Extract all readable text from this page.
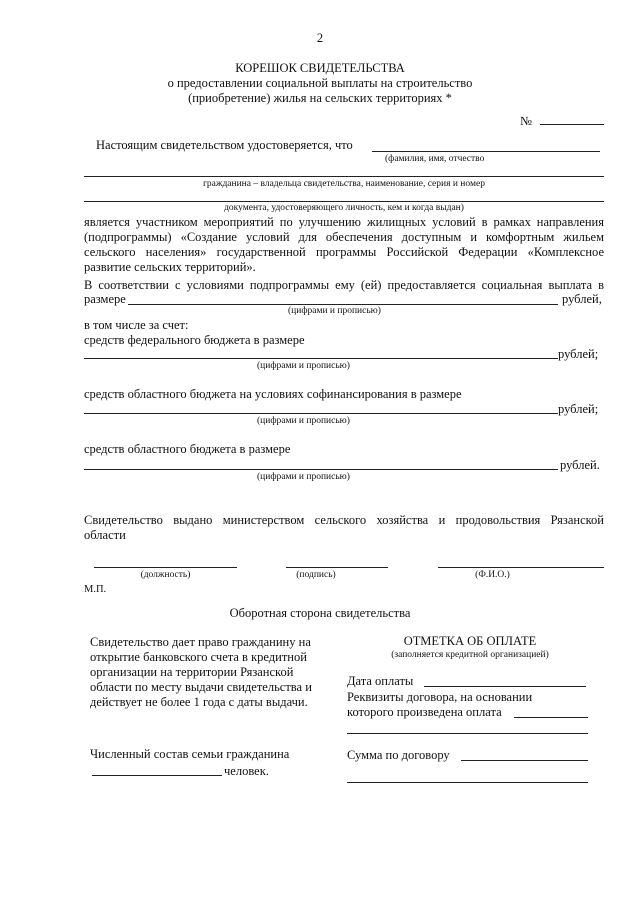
2
КОРЕШОК СВИДЕТЕЛЬСТВА
о предоставлении социальной выплаты на строительство
(приобретение) жилья на сельских территориях *
№
Настоящим свидетельством удостоверяется, что
(фамилия, имя, отчество
гражданина – владельца свидетельства, наименование, серия и номер
документа, удостоверяющего личность, кем и когда выдан)
является участником мероприятий по улучшению жилищных условий в рамках направления
(подпрограммы) «Создание условий для обеспечения доступным и комфортным жильем
сельского населения» государственной программы Российской Федерации «Комплексное
развитие сельских территорий».
В соответствии с условиями подпрограммы ему (ей) предоставляется социальная выплата в
размере	рублей,
(цифрами и прописью)
в том числе за счет:
средств федерального бюджета в размере
рублей;
(цифрами и прописью)
средств областного бюджета на условиях софинансирования в размере
рублей;
(цифрами и прописью)
средств областного бюджета в размере
рублей.
(цифрами и прописью)
Свидетельство выдано министерством сельского хозяйства и продовольствия Рязанской
области
(должность)	(подпись)	(Ф.И.О.)
М.П.
Оборотная сторона свидетельства
Свидетельство дает право гражданину на
открытие банковского счета в кредитной
организации на территории Рязанской
области по месту выдачи свидетельства и
действует не более 1 года с даты выдачи.
Численный состав семьи гражданина
человек.
ОТМЕТКА ОБ ОПЛАТЕ
(заполняется кредитной организацией)
Дата оплаты
Реквизиты договора, на основании
которого произведена оплата
Сумма по договору
